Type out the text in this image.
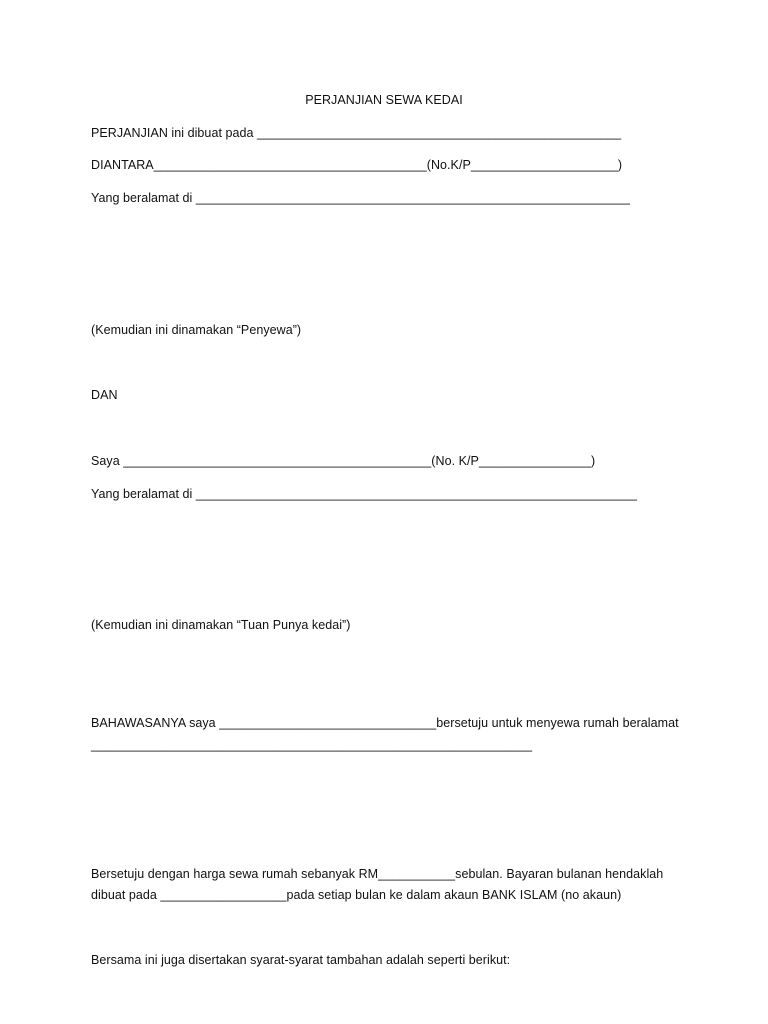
PERJANJIAN SEWA KEDAI
PERJANJIAN ini dibuat pada ____________________________________________________
DIANTARA_______________________________________(No.K/P_____________________)
Yang beralamat di ______________________________________________________________
(Kemudian ini dinamakan “Penyewa”)
DAN
Saya ____________________________________________(No. K/P________________)
Yang beralamat di _______________________________________________________________
(Kemudian ini dinamakan “Tuan Punya kedai”)
BAHAWASANYA saya _______________________________bersetuju untuk menyewa rumah beralamat
_______________________________________________________________
Bersetuju dengan harga sewa rumah sebanyak RM___________sebulan. Bayaran bulanan hendaklah
dibuat pada __________________pada setiap bulan ke dalam akaun BANK ISLAM (no akaun)
Bersama ini juga disertakan syarat-syarat tambahan adalah seperti berikut:
